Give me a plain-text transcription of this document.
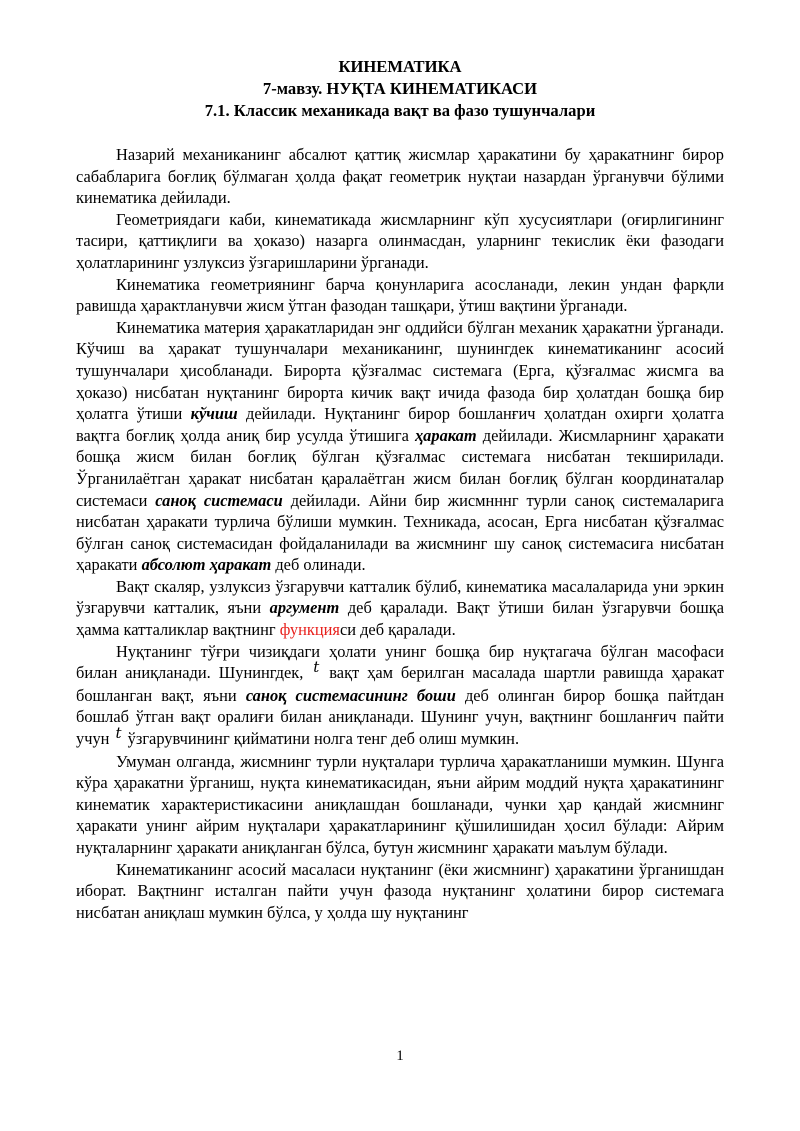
КИНЕМАТИКА

7-мавзу. НУҚТА КИНЕМАТИКАСИ

7.1. Классик механикада вақт ва фазо тушунчалари

Назарий механиканинг абсалют қаттиқ жисмлар ҳаракатини бу ҳаракатнинг бирор сабабларига боғлиқ бўлмаган ҳолда фақат геометрик нуқтаи назардан ўрганувчи бўлими кинематика дейилади.

Геометриядаги каби, кинематикада жисмларнинг кўп хусусиятлари (оғирлигининг тасири, қаттиқлиги ва ҳоказо) назарга олинмасдан, уларнинг текислик ёки фазодаги ҳолатларининг узлуксиз ўзгаришларини ўрганади.

Кинематика геометриянинг барча қонунларига асосланади, лекин ундан фарқли равишда ҳарактланувчи жисм ўтган фазодан ташқари, ўтиш вақтини ўрганади.

Кинематика материя ҳаракатларидан энг оддийси бўлган механик ҳаракатни ўрганади. Кўчиш ва ҳаракат тушунчалари механиканинг, шунингдек кинематиканинг асосий тушунчалари ҳисобланади. Бирорта қўзғалмас системага (Ерга, қўзғалмас жисмга ва ҳоказо) нисбатан нуқтанинг бирорта кичик вақт ичида фазода бир ҳолатдан бошқа бир ҳолатга ўтиши кўчиш дейилади. Нуқтанинг бирор бошланғич ҳолатдан охирги ҳолатга вақтга боғлиқ ҳолда аниқ бир усулда ўтишига ҳаракат дейилади. Жисмларнинг ҳаракати бошқа жисм билан боғлиқ бўлган қўзғалмас системага нисбатан текширилади. Ўрганилаётган ҳаракат нисбатан қаралаётган жисм билан боғлиқ бўлган координаталар системаси саноқ системаси дейилади. Айни бир жисмнннг турли саноқ системаларига нисбатан ҳаракати турлича бўлиши мумкин. Техникада, асосан, Ерга нисбатан қўзғалмас бўлган саноқ системасидан фойдаланилади ва жисмнинг шу саноқ системасига нисбатан ҳаракати абсолют ҳаракат деб олинади.

Вақт скаляр, узлуксиз ўзгарувчи катталик бўлиб, кинематика масалаларида уни эркин ўзгарувчи катталик, яъни аргумент деб қаралади. Вақт ўтиши билан ўзгарувчи бошқа ҳамма катталиклар вақтнинг функцияси деб қаралади.

Нуқтанинг тўғри чизиқдаги ҳолати унинг бошқа бир нуқтагача бўлган масофаси билан аниқланади. Шунингдек, t вақт ҳам берилган масалада шартли равишда ҳаракат бошланган вақт, яъни саноқ системасининг боши деб олинган бирор бошқа пайтдан бошлаб ўтган вақт оралиғи билан аниқланади. Шунинг учун, вақтнинг бошланғич пайти учун t ўзгарувчининг қийматини нолга тенг деб олиш мумкин.

Умуман олганда, жисмнинг турли нуқталари турлича ҳаракатланиши мумкин. Шунга кўра ҳаракатни ўрганиш, нуқта кинематикасидан, яъни айрим моддий нуқта ҳаракатининг кинематик характеристикасини аниқлашдан бошланади, чунки ҳар қандай жисмнинг ҳаракати унинг айрим нуқталари ҳаракатларининг қўшилишидан ҳосил бўлади: Айрим нуқталарнинг ҳаракати аниқланган бўлса, бутун жисмнинг ҳаракати маълум бўлади.

Кинематиканинг асосий масаласи нуқтанинг (ёки жисмнинг) ҳаракатини ўрганишдан иборат. Вақтнинг исталган пайти учун фазода нуқтанинг ҳолатини бирор системага нисбатан аниқлаш мумкин бўлса, у ҳолда шу нуқтанинг

1
